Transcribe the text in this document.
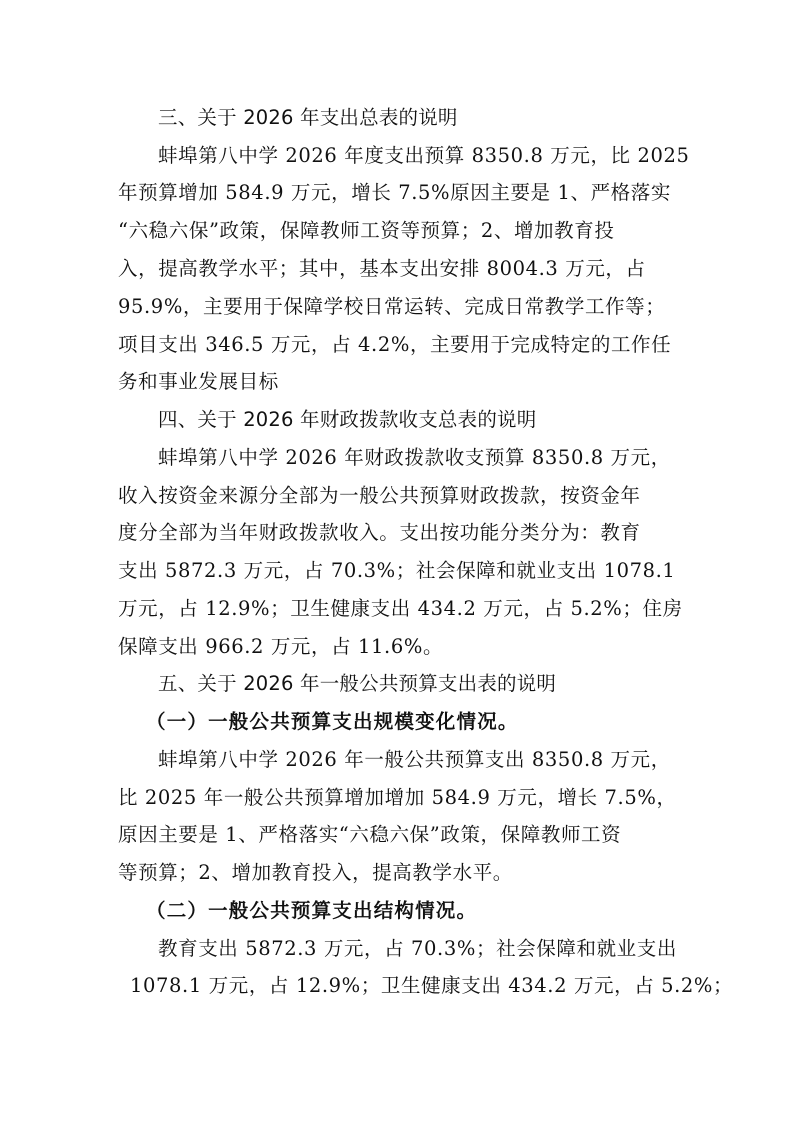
三、关于 2026 年支出总表的说明
蚌埠第八中学 2026 年度支出预算 8350.8 万元，比 2025
年预算增加 584.9 万元，增长 7.5%原因主要是 1、严格落实
“六稳六保”政策，保障教师工资等预算；2、增加教育投
入，提高教学水平；其中，基本支出安排 8004.3 万元，占
95.9%，主要用于保障学校日常运转、完成日常教学工作等；
项目支出 346.5 万元，占 4.2%，主要用于完成特定的工作任
务和事业发展目标
四、关于 2026 年财政拨款收支总表的说明
蚌埠第八中学 2026 年财政拨款收支预算 8350.8 万元，
收入按资金来源分全部为一般公共预算财政拨款，按资金年
度分全部为当年财政拨款收入。支出按功能分类分为：教育
支出 5872.3 万元，占 70.3%；社会保障和就业支出 1078.1
万元，占 12.9%；卫生健康支出 434.2 万元，占 5.2%；住房
保障支出 966.2 万元，占 11.6%。
五、关于 2026 年一般公共预算支出表的说明
（一）一般公共预算支出规模变化情况。
蚌埠第八中学 2026 年一般公共预算支出 8350.8 万元，
比 2025 年一般公共预算增加增加 584.9 万元，增长 7.5%，
原因主要是 1、严格落实“六稳六保”政策，保障教师工资
等预算；2、增加教育投入，提高教学水平。
（二）一般公共预算支出结构情况。
教育支出 5872.3 万元，占 70.3%；社会保障和就业支出
1078.1 万元，占 12.9%；卫生健康支出 434.2 万元，占 5.2%；
